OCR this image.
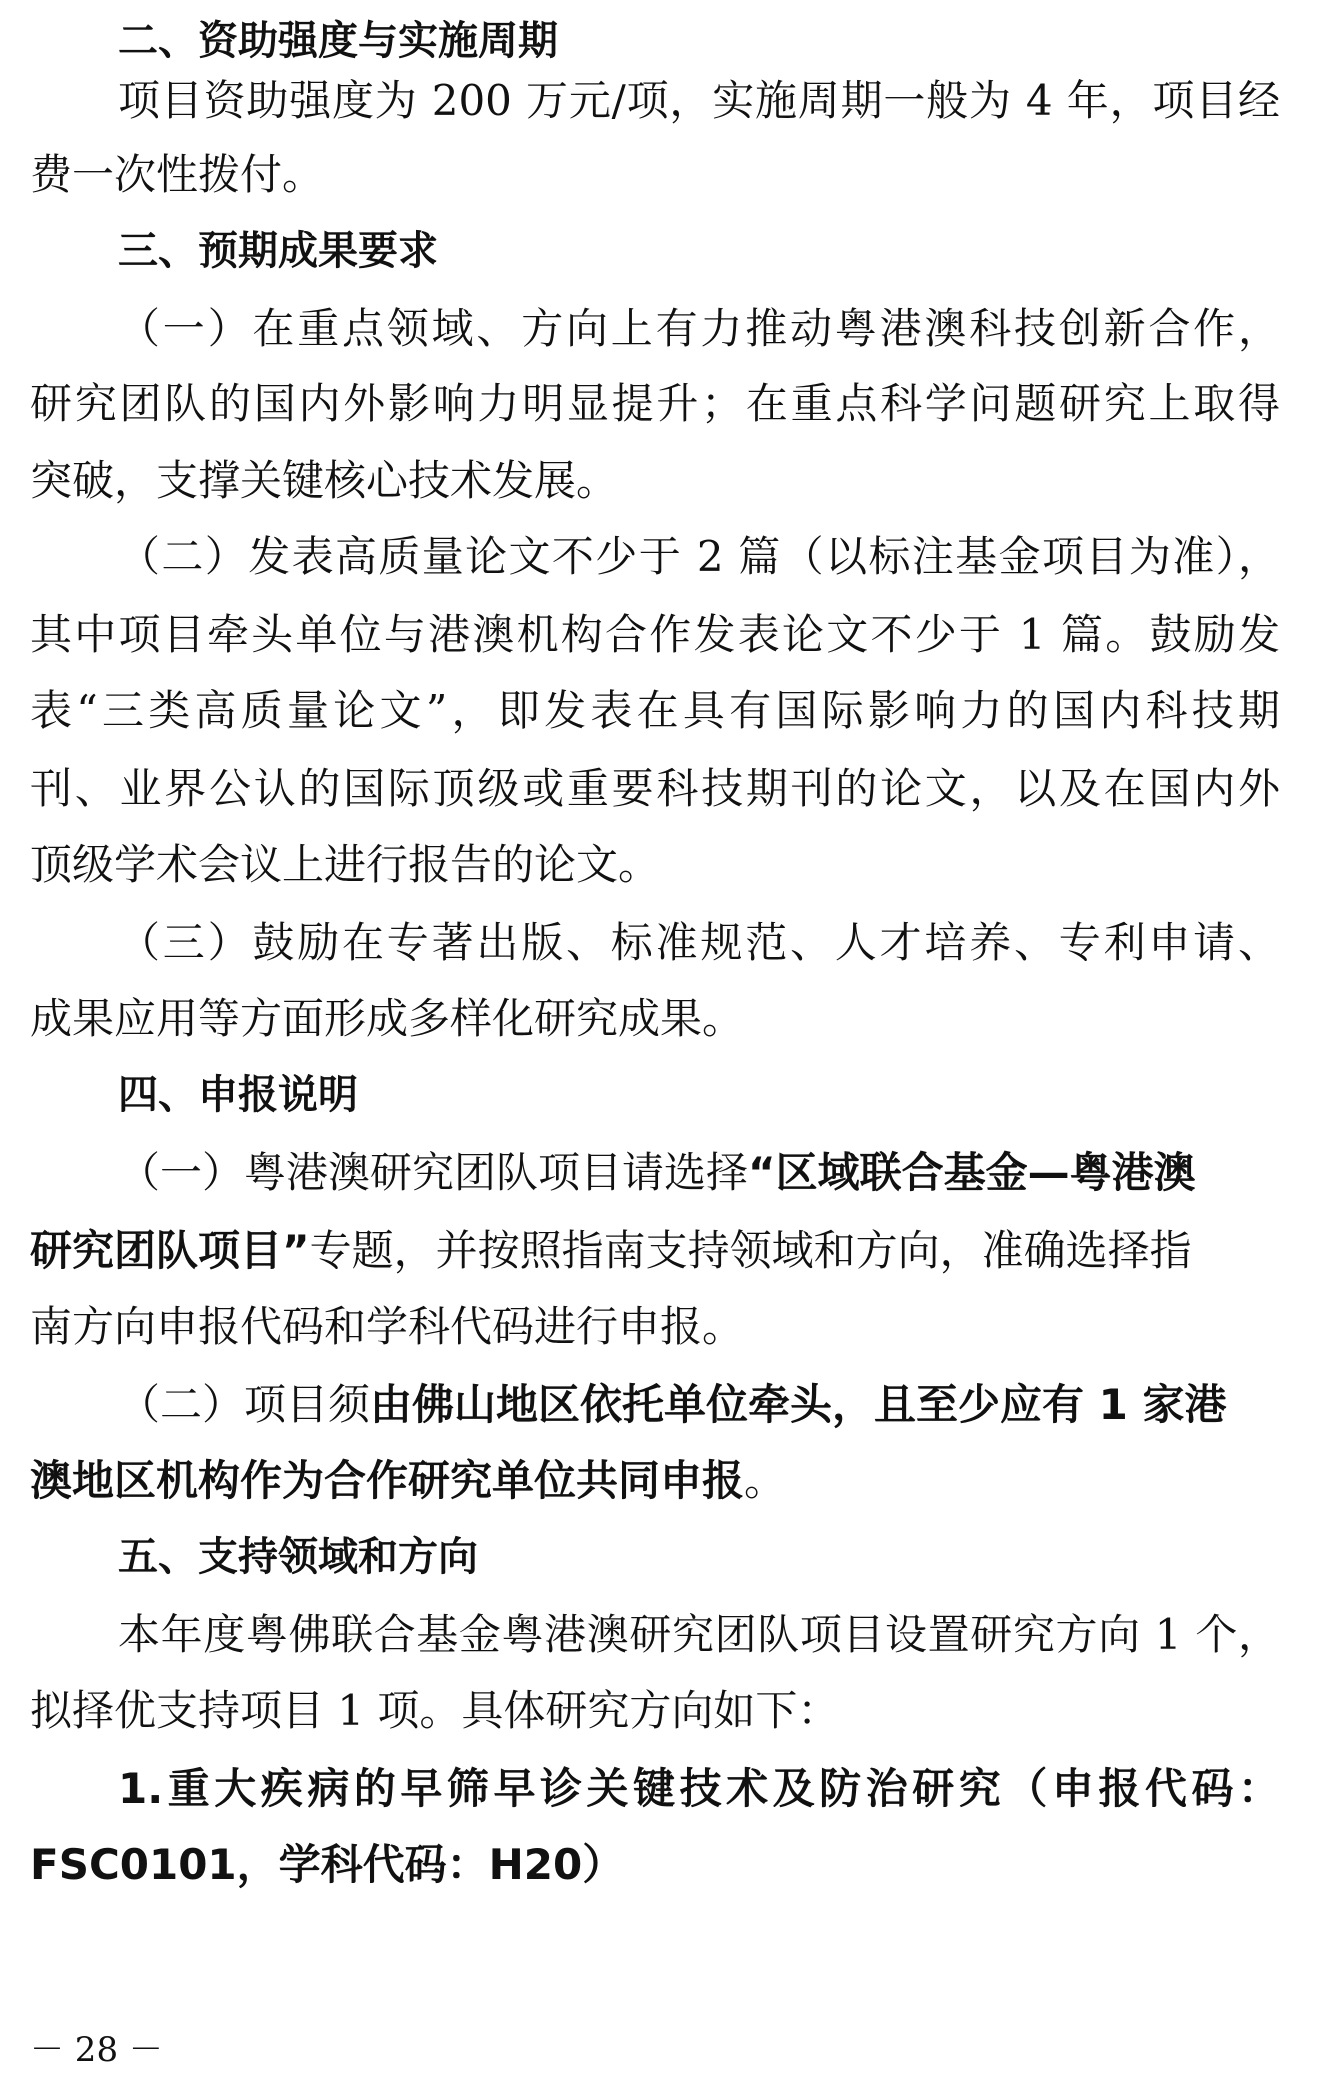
二、资助强度与实施周期
项目资助强度为 200 万元/项，实施周期一般为 4 年，项目经
费一次性拨付。
三、预期成果要求
（一）在重点领域、方向上有力推动粤港澳科技创新合作，
研究团队的国内外影响力明显提升；在重点科学问题研究上取得
突破，支撑关键核心技术发展。
（二）发表高质量论文不少于 2 篇（以标注基金项目为准），
其中项目牵头单位与港澳机构合作发表论文不少于 1 篇。鼓励发
表“三类高质量论文”，即发表在具有国际影响力的国内科技期
刊、业界公认的国际顶级或重要科技期刊的论文，以及在国内外
顶级学术会议上进行报告的论文。
（三）鼓励在专著出版、标准规范、人才培养、专利申请、
成果应用等方面形成多样化研究成果。
四、申报说明
（一）粤港澳研究团队项目请选择“区域联合基金—粤港澳
研究团队项目”专题，并按照指南支持领域和方向，准确选择指
南方向申报代码和学科代码进行申报。
（二）项目须由佛山地区依托单位牵头，且至少应有 1 家港
澳地区机构作为合作研究单位共同申报。
五、支持领域和方向
本年度粤佛联合基金粤港澳研究团队项目设置研究方向 1 个，
拟择优支持项目 1 项。具体研究方向如下：
1.重大疾病的早筛早诊关键技术及防治研究（申报代码：
FSC0101，学科代码：H20）
－ 28 －
